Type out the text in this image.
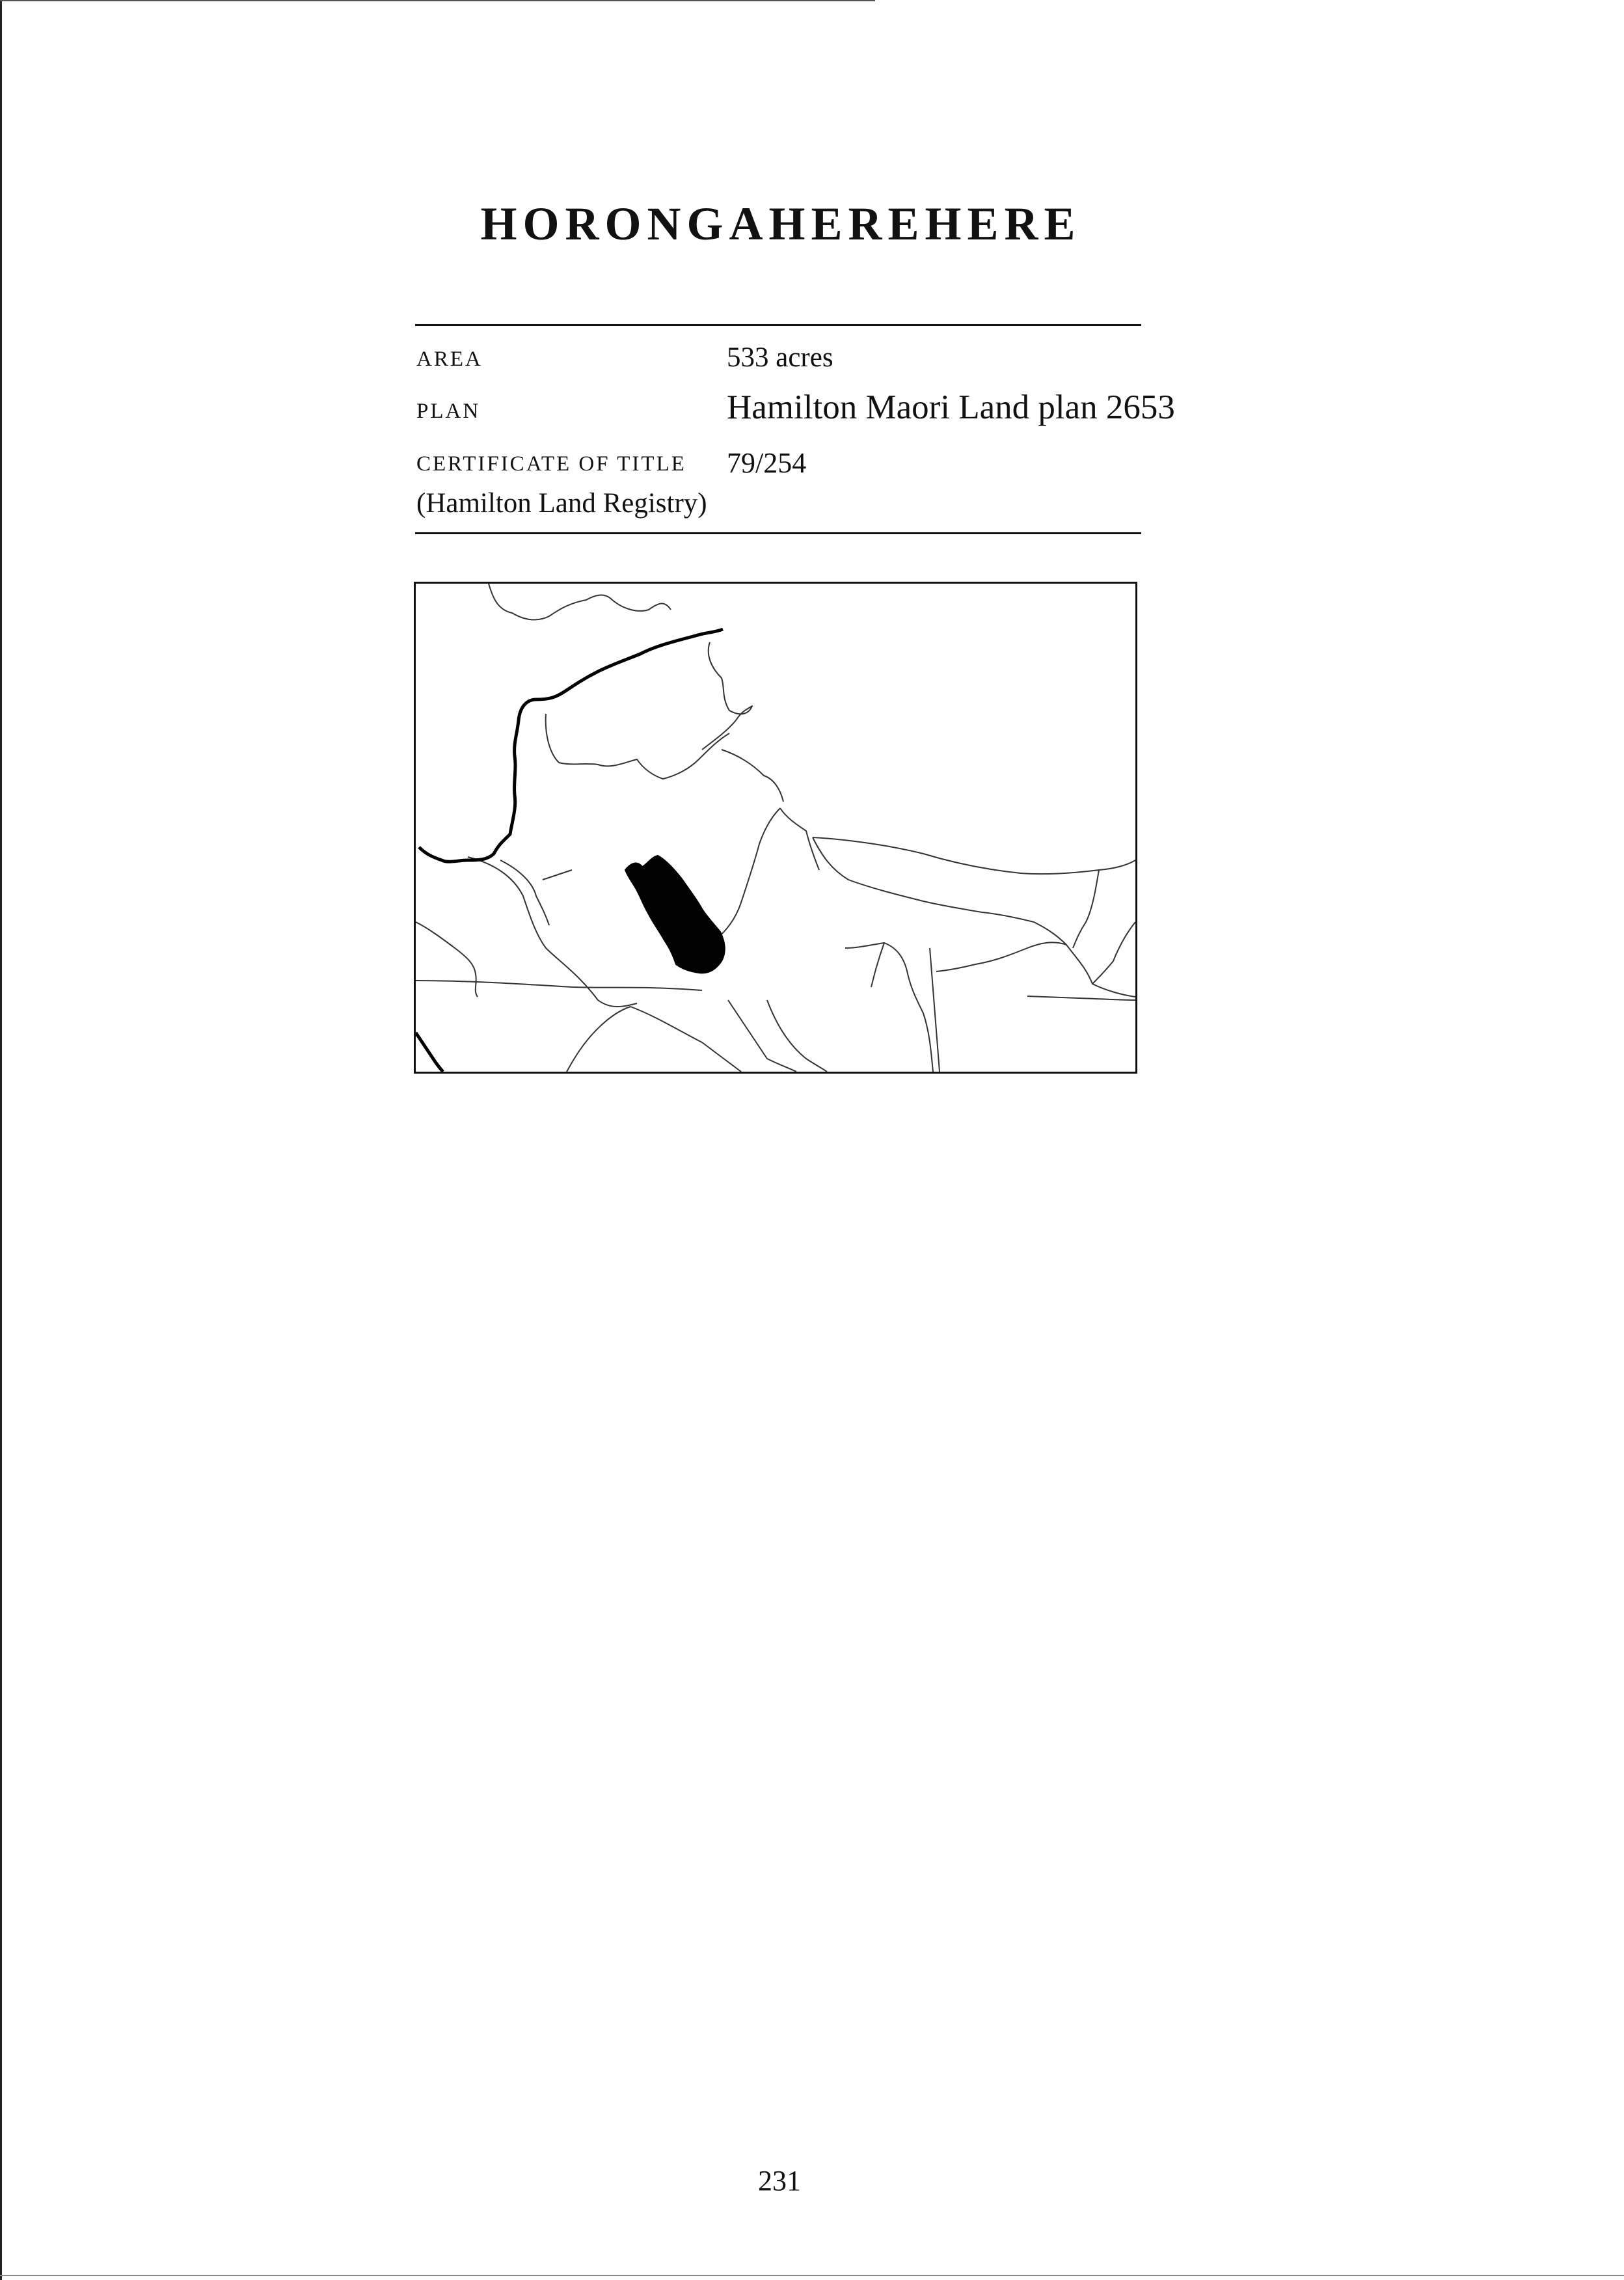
HORONGAHEREHERE
AREA	533 acres
PLAN	Hamilton Maori Land plan 2653
CERTIFICATE OF TITLE 79/254
(Hamilton Land Registry)
231
